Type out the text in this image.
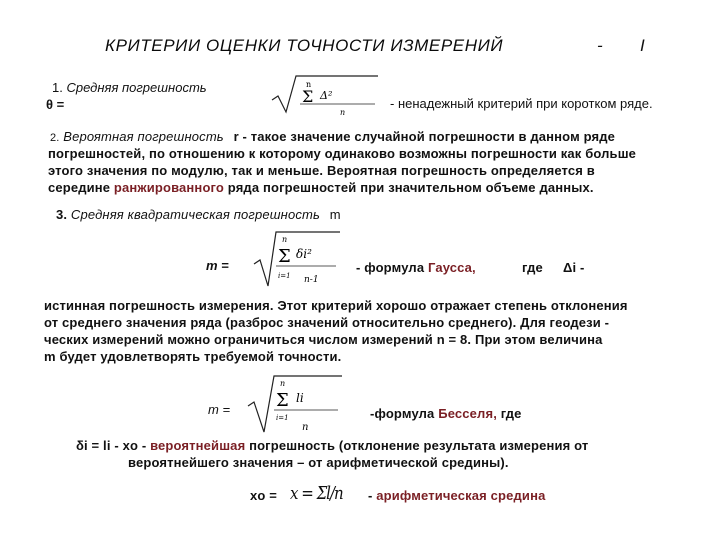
КРИТЕРИИ ОЦЕНКИ ТОЧНОСТИ ИЗМЕРЕНИЙ	- I
1. Средняя погрешность
θ =
n
Σ Δ²
n
- ненадежный критерий при коротком ряде.
2. Вероятная погрешность r - такое значение случайной погрешности в данном ряде
погрешностей, по отношению к которому одинаково возможны погрешности как больше
этого значения по модулю, так и меньше. Вероятная погрешность определяется в
середине ранжированного ряда погрешностей при значительном объеме данных.
3. Средняя квадратическая погрешность m
m =
n
Σ δi²
i=1 n-1
- формула Гаусса,	где Δi -
истинная погрешность измерения. Этот критерий хорошо отражает степень отклонения
от среднего значения ряда (разброс значений относительно среднего). Для геодези -
ческих измерений можно ограничиться числом измерений n = 8. При этом величина
m будет удовлетворять требуемой точности.
m =
n
Σ li
i=1
n
-формула Бесселя, где
δi = li - xo - вероятнейшая погрешность (отклонение результата измерения от
вероятнейшего значения – от арифметической средины).
xo = x = Σl/n - арифметическая средина
